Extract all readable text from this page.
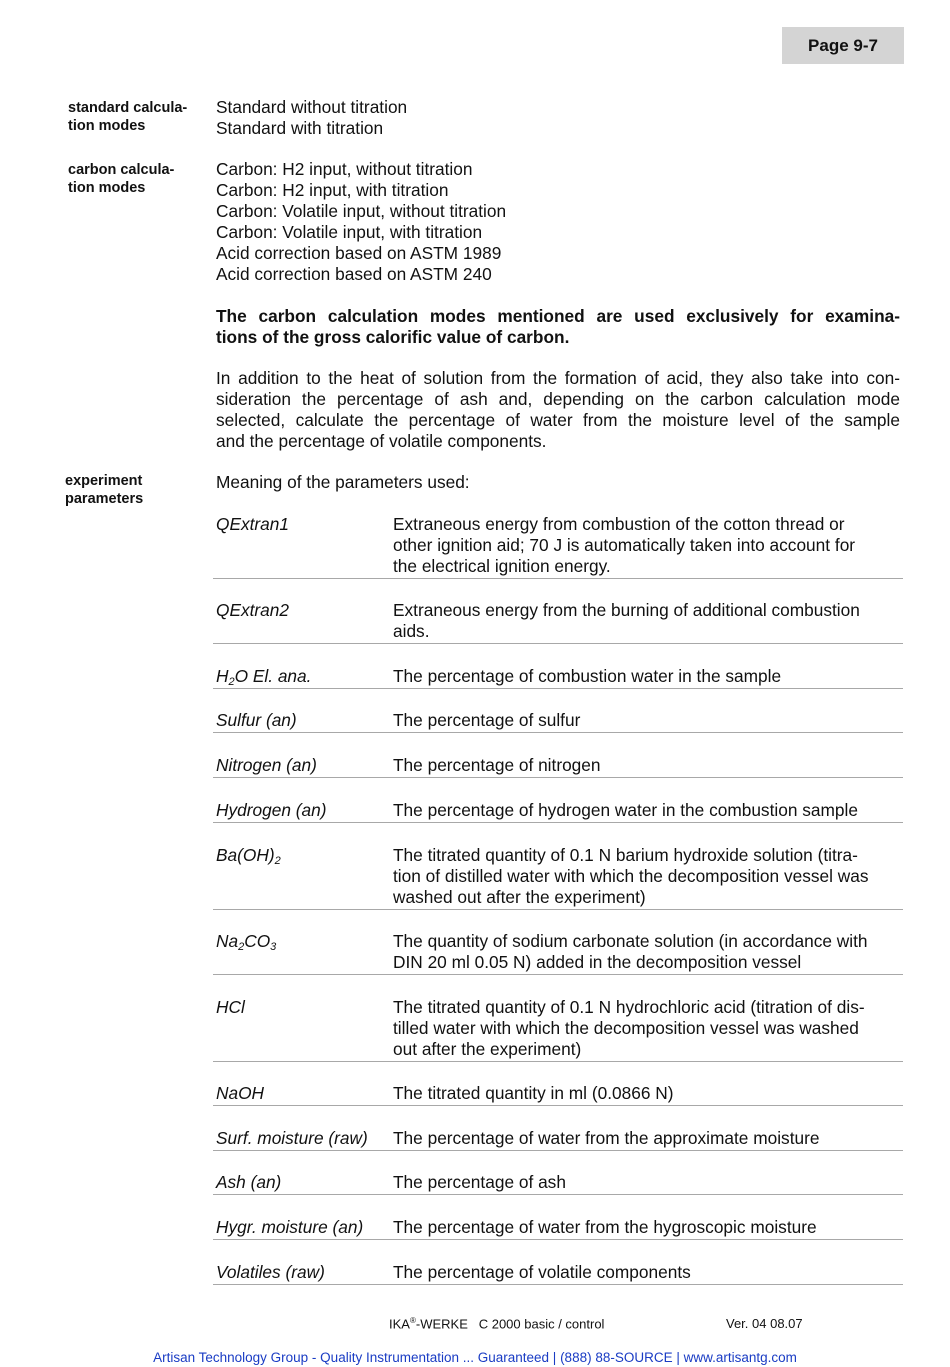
Page 9-7
standard calcula-
tion modes
Standard without titration
Standard with titration
carbon calcula-
tion modes
Carbon: H2 input, without titration
Carbon: H2 input, with titration
Carbon: Volatile input, without titration
Carbon: Volatile input, with titration
Acid correction based on ASTM 1989
Acid correction based on ASTM 240
The carbon calculation modes mentioned are used exclusively for examina-
tions of the gross calorific value of carbon.
In addition to the heat of solution from the formation of acid, they also take into con-
sideration the percentage of ash and, depending on the carbon calculation mode
selected, calculate the percentage of water from the moisture level of the sample
and the percentage of volatile components.
experiment
parameters
Meaning of the parameters used:
QExtran1	Extraneous energy from combustion of the cotton thread or
other ignition aid; 70 J is automatically taken into account for
the electrical ignition energy.
QExtran2	Extraneous energy from the burning of additional combustion
aids.
$H_2O$ El. ana.	The percentage of combustion water in the sample
Sulfur (an)	The percentage of sulfur
Nitrogen (an)	The percentage of nitrogen
Hydrogen (an)	The percentage of hydrogen water in the combustion sample
$Ba(OH)_2$	The titrated quantity of 0.1 N barium hydroxide solution (titra-
tion of distilled water with which the decomposition vessel was
washed out after the experiment)
$Na_2CO_3$	The quantity of sodium carbonate solution (in accordance with
DIN 20 ml 0.05 N) added in the decomposition vessel
HCl	The titrated quantity of 0.1 N hydrochloric acid (titration of dis-
tilled water with which the decomposition vessel was washed
out after the experiment)
NaOH	The titrated quantity in ml (0.0866 N)
Surf. moisture (raw) The percentage of water from the approximate moisture
Ash (an)	The percentage of ash
Hygr. moisture (an) The percentage of water from the hygroscopic moisture
Volatiles (raw)	The percentage of volatile components
IKA®-WERKE   C 2000 basic / control	Ver. 04 08.07
Artisan Technology Group - Quality Instrumentation ... Guaranteed | (888) 88-SOURCE | www.artisantg.com
